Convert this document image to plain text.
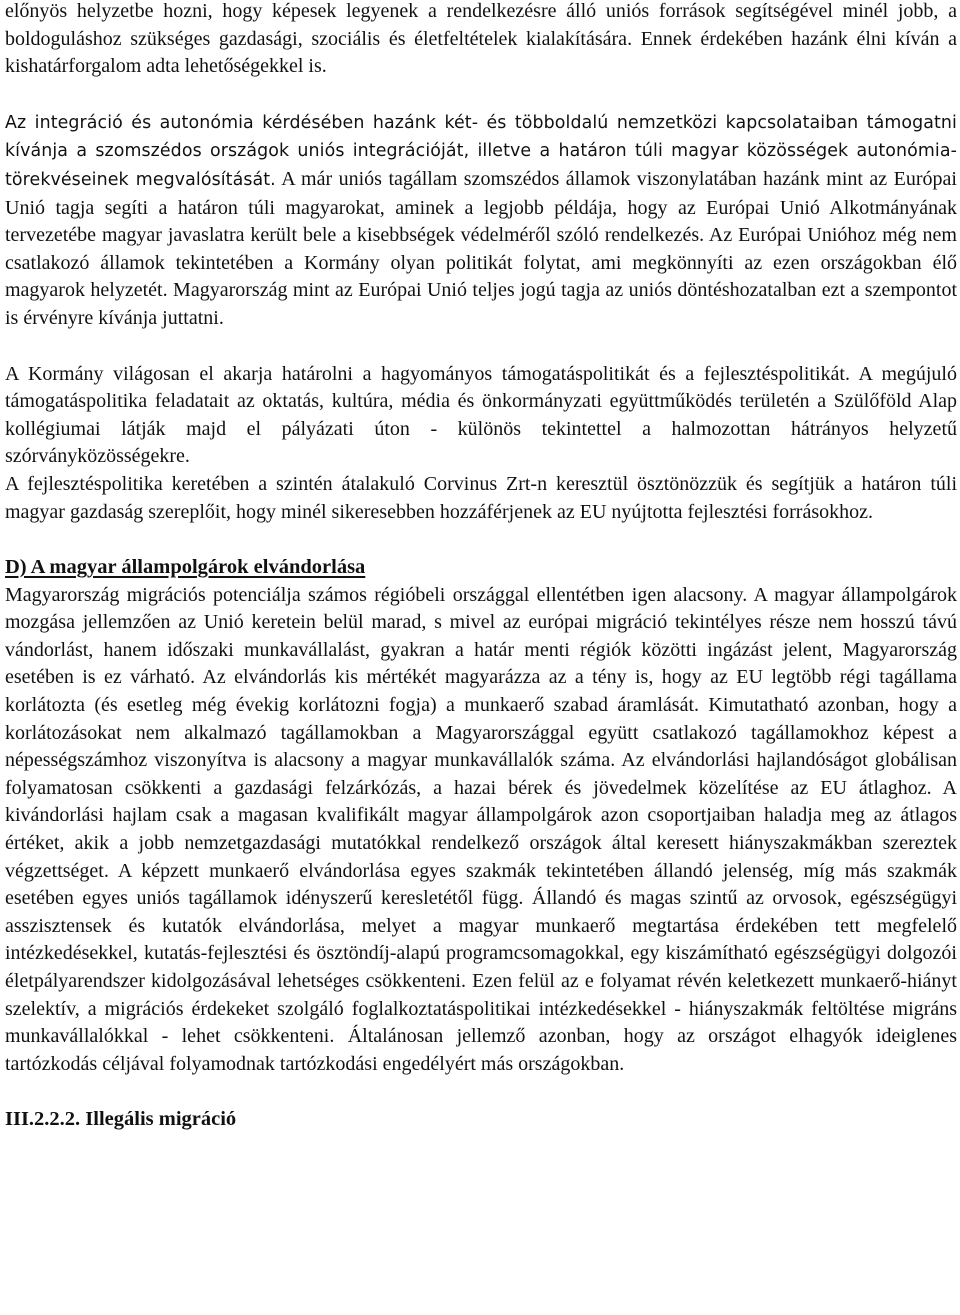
előnyös helyzetbe hozni, hogy képesek legyenek a rendelkezésre álló uniós források segítségével minél jobb, a boldoguláshoz szükséges gazdasági, szociális és életfeltételek kialakítására. Ennek érdekében hazánk élni kíván a kishatárforgalom adta lehetőségekkel is.

Az integráció és autonómia kérdésében hazánk két- és többoldalú nemzetközi kapcsolataiban támogatni kívánja a szomszédos országok uniós integrációját, illetve a határon túli magyar közösségek autonómia-törekvéseinek megvalósítását. A már uniós tagállam szomszédos államok viszonylatában hazánk mint az Európai Unió tagja segíti a határon túli magyarokat, aminek a legjobb példája, hogy az Európai Unió Alkotmányának tervezetébe magyar javaslatra került bele a kisebbségek védelméről szóló rendelkezés. Az Európai Unióhoz még nem csatlakozó államok tekintetében a Kormány olyan politikát folytat, ami megkönnyíti az ezen országokban élő magyarok helyzetét. Magyarország mint az Európai Unió teljes jogú tagja az uniós döntéshozatalban ezt a szempontot is érvényre kívánja juttatni.

A Kormány világosan el akarja határolni a hagyományos támogatáspolitikát és a fejlesztéspolitikát. A megújuló támogatáspolitika feladatait az oktatás, kultúra, média és önkormányzati együttműködés területén a Szülőföld Alap kollégiumai látják majd el pályázati úton - különös tekintettel a halmozottan hátrányos helyzetű szórványközösségekre.

A fejlesztéspolitika keretében a szintén átalakuló Corvinus Zrt-n keresztül ösztönözzük és segítjük a határon túli magyar gazdaság szereplőit, hogy minél sikeresebben hozzáférjenek az EU nyújtotta fejlesztési forrásokhoz.

D) A magyar állampolgárok elvándorlása

Magyarország migrációs potenciálja számos régióbeli országgal ellentétben igen alacsony. A magyar állampolgárok mozgása jellemzően az Unió keretein belül marad, s mivel az európai migráció tekintélyes része nem hosszú távú vándorlást, hanem időszaki munkavállalást, gyakran a határ menti régiók közötti ingázást jelent, Magyarország esetében is ez várható. Az elvándorlás kis mértékét magyarázza az a tény is, hogy az EU legtöbb régi tagállama korlátozta (és esetleg még évekig korlátozni fogja) a munkaerő szabad áramlását. Kimutatható azonban, hogy a korlátozásokat nem alkalmazó tagállamokban a Magyarországgal együtt csatlakozó tagállamokhoz képest a népességszámhoz viszonyítva is alacsony a magyar munkavállalók száma. Az elvándorlási hajlandóságot globálisan folyamatosan csökkenti a gazdasági felzárkózás, a hazai bérek és jövedelmek közelítése az EU átlaghoz. A kivándorlási hajlam csak a magasan kvalifikált magyar állampolgárok azon csoportjaiban haladja meg az átlagos értéket, akik a jobb nemzetgazdasági mutatókkal rendelkező országok által keresett hiányszakmákban szereztek végzettséget. A képzett munkaerő elvándorlása egyes szakmák tekintetében állandó jelenség, míg más szakmák esetében egyes uniós tagállamok idényszerű keresletétől függ. Állandó és magas szintű az orvosok, egészségügyi asszisztensek és kutatók elvándorlása, melyet a magyar munkaerő megtartása érdekében tett megfelelő intézkedésekkel, kutatás-fejlesztési és ösztöndíj-alapú programcsomagokkal, egy kiszámítható egészségügyi dolgozói életpályarendszer kidolgozásával lehetséges csökkenteni. Ezen felül az e folyamat révén keletkezett munkaerő-hiányt szelektív, a migrációs érdekeket szolgáló foglalkoztatáspolitikai intézkedésekkel - hiányszakmák feltöltése migráns munkavállalókkal - lehet csökkenteni. Általánosan jellemző azonban, hogy az országot elhagyók ideiglenes tartózkodás céljával folyamodnak tartózkodási engedélyért más országokban.

III.2.2.2. Illegális migráció
